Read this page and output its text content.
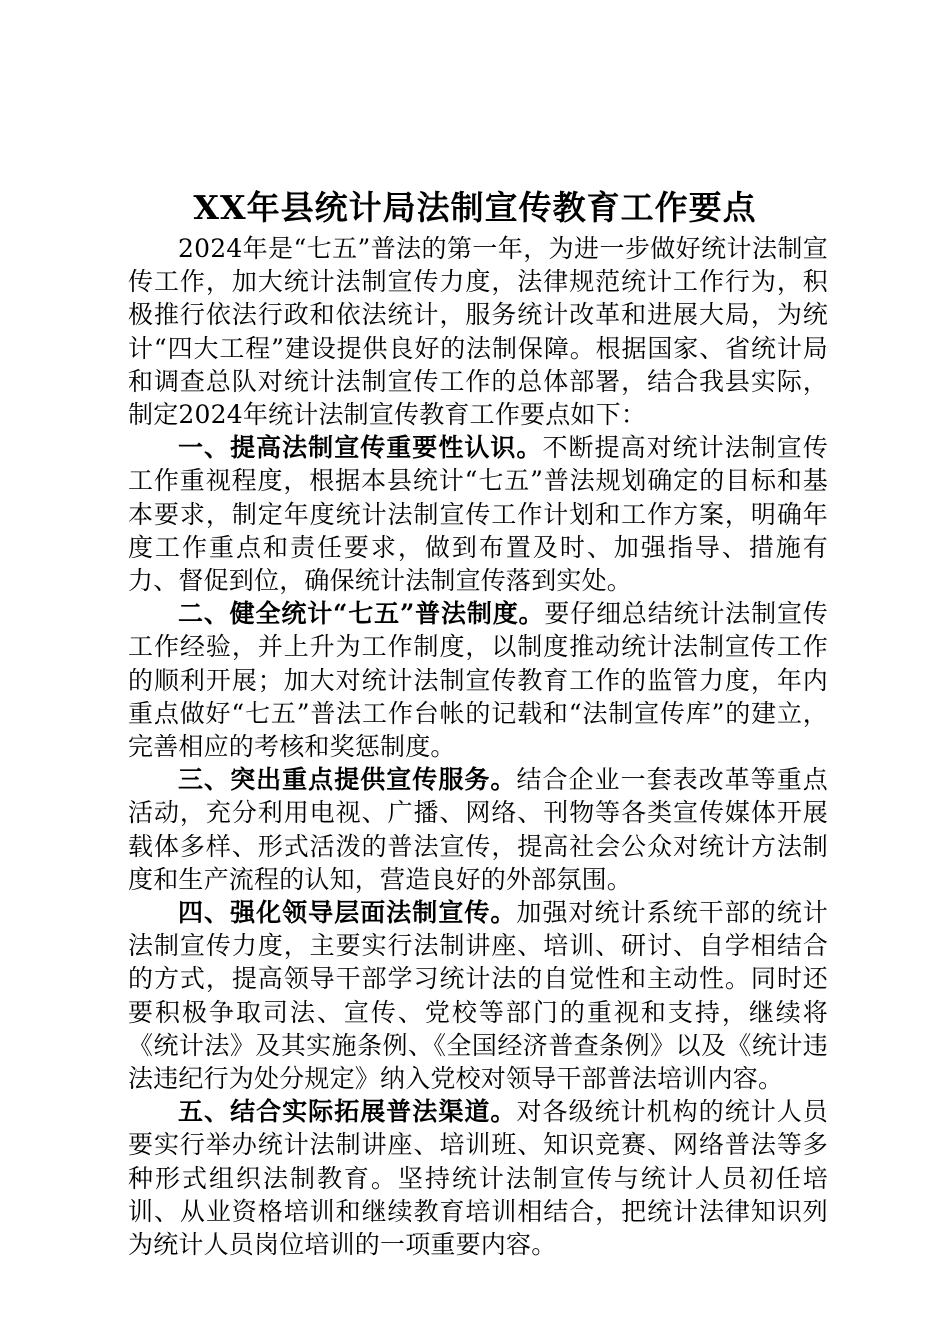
XX年县统计局法制宣传教育工作要点

2024年是“七五”普法的第一年，为进一步做好统计法制宣传工作，加大统计法制宣传力度，法律规范统计工作行为，积极推行依法行政和依法统计，服务统计改革和进展大局，为统计“四大工程”建设提供良好的法制保障。根据国家、省统计局和调查总队对统计法制宣传工作的总体部署，结合我县实际，制定2024年统计法制宣传教育工作要点如下：

一、提高法制宣传重要性认识。不断提高对统计法制宣传工作重视程度，根据本县统计“七五”普法规划确定的目标和基本要求，制定年度统计法制宣传工作计划和工作方案，明确年度工作重点和责任要求，做到布置及时、加强指导、措施有力、督促到位，确保统计法制宣传落到实处。

二、健全统计“七五”普法制度。要仔细总结统计法制宣传工作经验，并上升为工作制度，以制度推动统计法制宣传工作的顺利开展；加大对统计法制宣传教育工作的监管力度，年内重点做好“七五”普法工作台帐的记载和“法制宣传库”的建立，完善相应的考核和奖惩制度。

三、突出重点提供宣传服务。结合企业一套表改革等重点活动，充分利用电视、广播、网络、刊物等各类宣传媒体开展载体多样、形式活泼的普法宣传，提高社会公众对统计方法制度和生产流程的认知，营造良好的外部氛围。

四、强化领导层面法制宣传。加强对统计系统干部的统计法制宣传力度，主要实行法制讲座、培训、研讨、自学相结合的方式，提高领导干部学习统计法的自觉性和主动性。同时还要积极争取司法、宣传、党校等部门的重视和支持，继续将《统计法》及其实施条例、《全国经济普查条例》以及《统计违法违纪行为处分规定》纳入党校对领导干部普法培训内容。

五、结合实际拓展普法渠道。对各级统计机构的统计人员要实行举办统计法制讲座、培训班、知识竞赛、网络普法等多种形式组织法制教育。坚持统计法制宣传与统计人员初任培训、从业资格培训和继续教育培训相结合，把统计法律知识列为统计人员岗位培训的一项重要内容。
